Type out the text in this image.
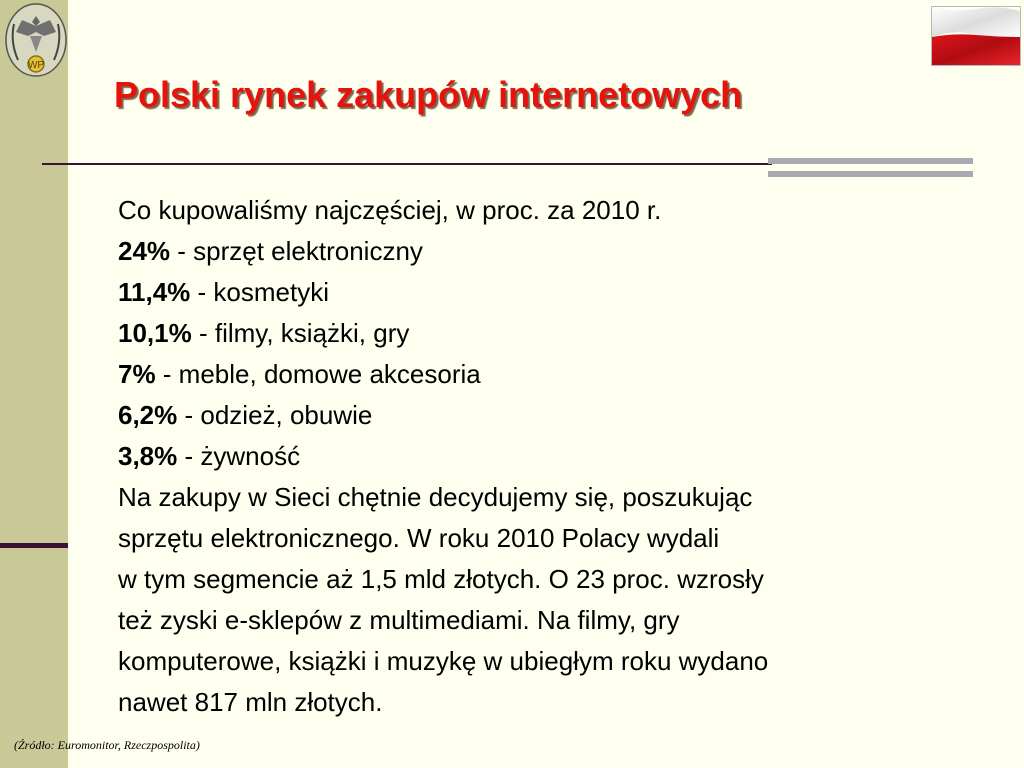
WP
Polski rynek zakupów internetowych
Co kupowaliśmy najczęściej, w proc. za 2010 r.
24% - sprzęt elektroniczny
11,4% - kosmetyki
10,1% - filmy, książki, gry
7% - meble, domowe akcesoria
6,2% - odzież, obuwie
3,8% - żywność
Na zakupy w Sieci chętnie decydujemy się, poszukując
sprzętu elektronicznego. W roku 2010 Polacy wydali
w tym segmencie aż 1,5 mld złotych. O 23 proc. wzrosły
też zyski e-sklepów z multimediami. Na filmy, gry
komputerowe, książki i muzykę w ubiegłym roku wydano
nawet 817 mln złotych.
(Źródło: Euromonitor, Rzeczpospolita)
